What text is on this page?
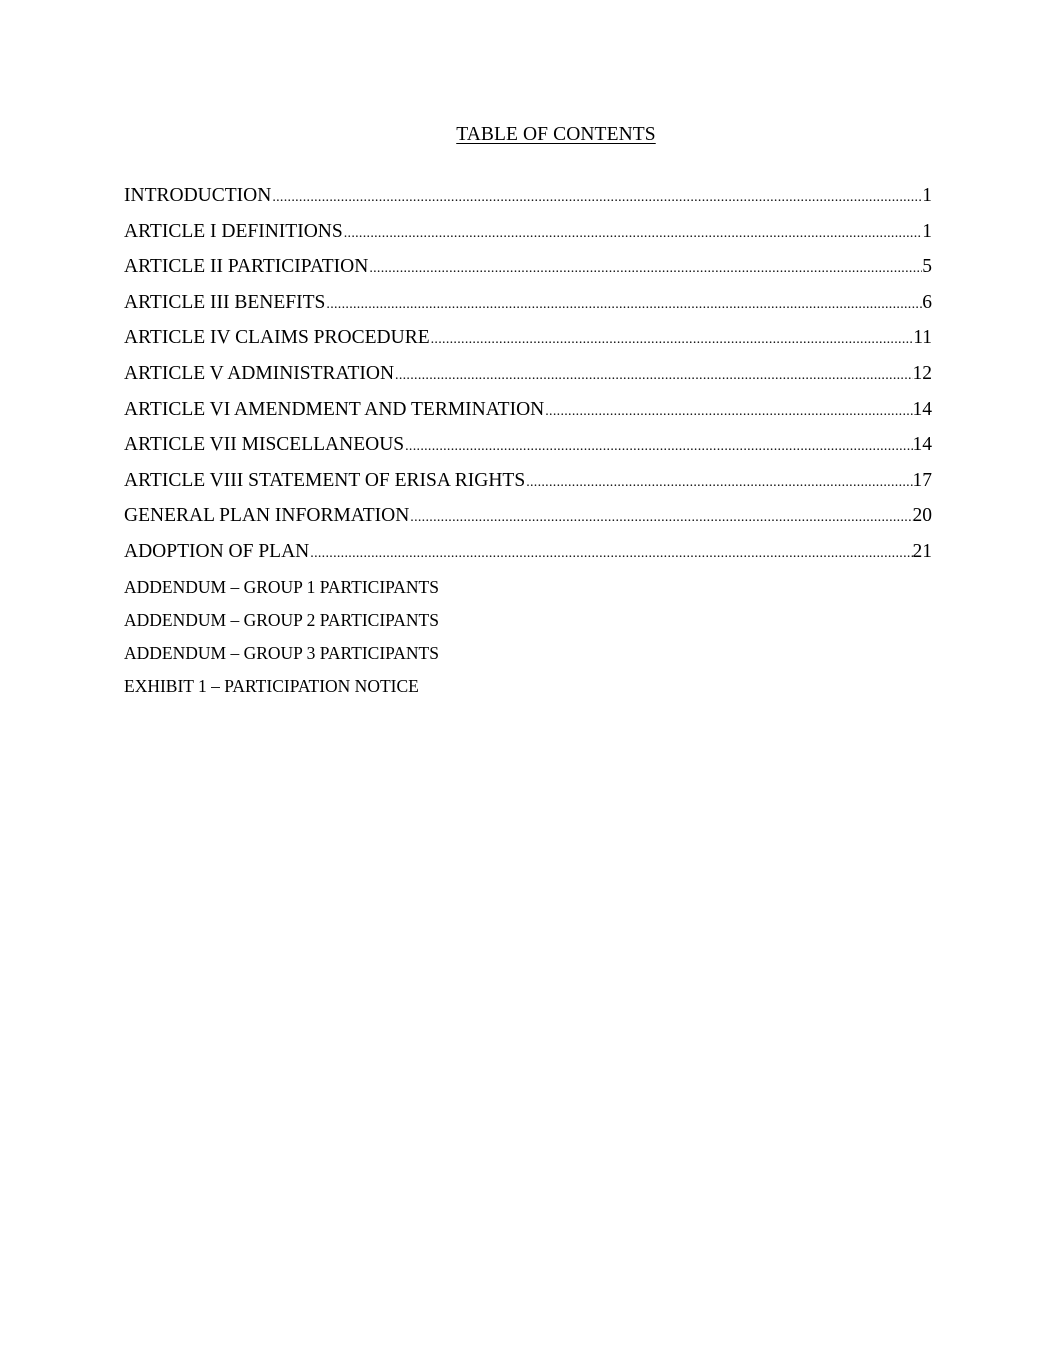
TABLE OF CONTENTS
INTRODUCTION .....	1
ARTICLE I DEFINITIONS .....	1
ARTICLE II PARTICIPATION .....	5
ARTICLE III BENEFITS .....	6
ARTICLE IV CLAIMS PROCEDURE .....	11
ARTICLE V ADMINISTRATION .....	12
ARTICLE VI AMENDMENT AND TERMINATION .....	14
ARTICLE VII MISCELLANEOUS .....	14
ARTICLE VIII STATEMENT OF ERISA RIGHTS .....	17
GENERAL PLAN INFORMATION .....	20
ADOPTION OF PLAN .....	21
ADDENDUM – GROUP 1 PARTICIPANTS
ADDENDUM – GROUP 2 PARTICIPANTS
ADDENDUM – GROUP 3 PARTICIPANTS
EXHIBIT 1 – PARTICIPATION NOTICE
